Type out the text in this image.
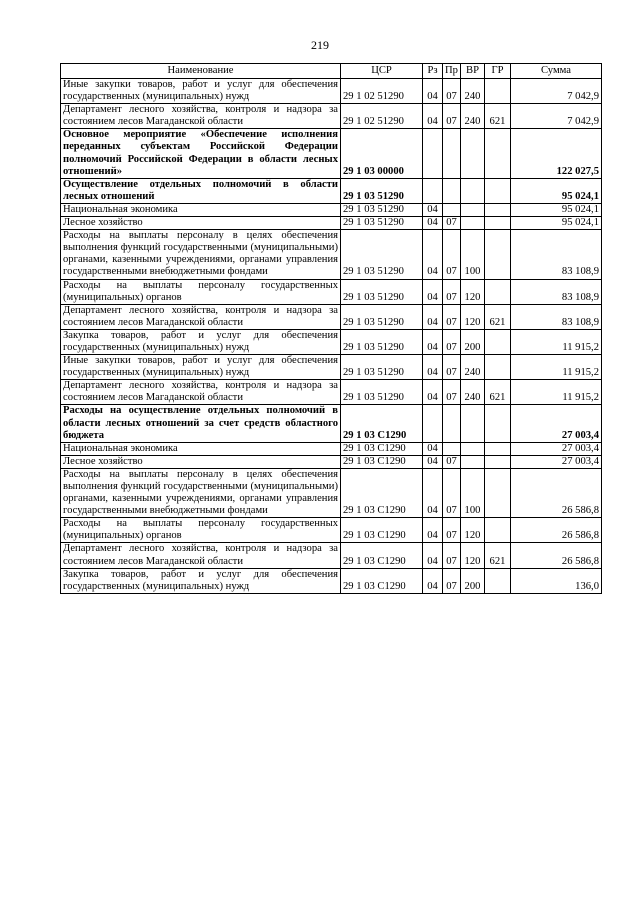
219
Наименование	ЦСР	Рз	Пр	ВР	ГР	Сумма
Иные закупки товаров, работ и услуг для обеспечения государственных (муниципальных) нужд	29 1 02 51290	04	07	240		7 042,9
Департамент лесного хозяйства, контроля и надзора за состоянием лесов Магаданской области	29 1 02 51290	04	07	240	621	7 042,9
Основное мероприятие «Обеспечение исполнения переданных субъектам Российской Федерации полномочий Российской Федерации в области лесных отношений»	29 1 03 00000					122 027,5
Осуществление отдельных полномочий в области лесных отношений	29 1 03 51290					95 024,1
Национальная экономика	29 1 03 51290	04				95 024,1
Лесное хозяйство	29 1 03 51290	04	07			95 024,1
Расходы на выплаты персоналу в целях обеспечения выполнения функций государственными (муниципальными) органами, казенными учреждениями, органами управления государственными внебюджетными фондами	29 1 03 51290	04	07	100		83 108,9
Расходы на выплаты персоналу государственных (муниципальных) органов	29 1 03 51290	04	07	120		83 108,9
Департамент лесного хозяйства, контроля и надзора за состоянием лесов Магаданской области	29 1 03 51290	04	07	120	621	83 108,9
Закупка товаров, работ и услуг для обеспечения государственных (муниципальных) нужд	29 1 03 51290	04	07	200		11 915,2
Иные закупки товаров, работ и услуг для обеспечения государственных (муниципальных) нужд	29 1 03 51290	04	07	240		11 915,2
Департамент лесного хозяйства, контроля и надзора за состоянием лесов Магаданской области	29 1 03 51290	04	07	240	621	11 915,2
Расходы на осуществление отдельных полномочий в области лесных отношений за счет средств областного бюджета	29 1 03 С1290					27 003,4
Национальная экономика	29 1 03 С1290	04				27 003,4
Лесное хозяйство	29 1 03 С1290	04	07			27 003,4
Расходы на выплаты персоналу в целях обеспечения выполнения функций государственными (муниципальными) органами, казенными учреждениями, органами управления государственными внебюджетными фондами	29 1 03 С1290	04	07	100		26 586,8
Расходы на выплаты персоналу государственных (муниципальных) органов	29 1 03 С1290	04	07	120		26 586,8
Департамент лесного хозяйства, контроля и надзора за состоянием лесов Магаданской области	29 1 03 С1290	04	07	120	621	26 586,8
Закупка товаров, работ и услуг для обеспечения государственных (муниципальных) нужд	29 1 03 С1290	04	07	200		136,0
